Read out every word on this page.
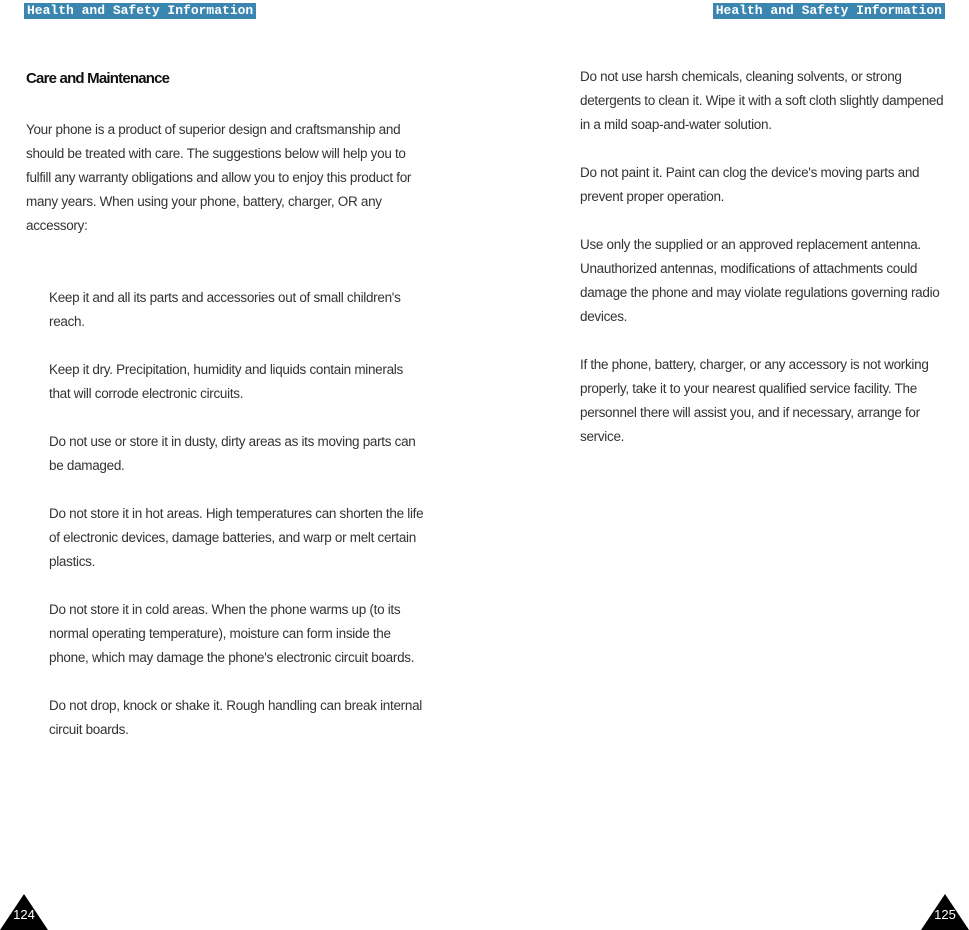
Health and Safety Information
Care and Maintenance

Your phone is a product of superior design and craftsmanship and should be treated with care. The suggestions below will help you to fulfill any warranty obligations and allow you to enjoy this product for many years. When using your phone, battery, charger, OR any accessory:

Keep it and all its parts and accessories out of small children's reach.

Keep it dry. Precipitation, humidity and liquids contain minerals that will corrode electronic circuits.

Do not use or store it in dusty, dirty areas as its moving parts can be damaged.

Do not store it in hot areas. High temperatures can shorten the life of electronic devices, damage batteries, and warp or melt certain plastics.

Do not store it in cold areas. When the phone warms up (to its normal operating temperature), moisture can form inside the phone, which may damage the phone's electronic circuit boards.

Do not drop, knock or shake it. Rough handling can break internal circuit boards.

124
Health and Safety Information

Do not use harsh chemicals, cleaning solvents, or strong detergents to clean it. Wipe it with a soft cloth slightly dampened in a mild soap-and-water solution.

Do not paint it. Paint can clog the device's moving parts and prevent proper operation.

Use only the supplied or an approved replacement antenna. Unauthorized antennas, modifications of attachments could damage the phone and may violate regulations governing radio devices.

If the phone, battery, charger, or any accessory is not working properly, take it to your nearest qualified service facility. The personnel there will assist you, and if necessary, arrange for service.

125
